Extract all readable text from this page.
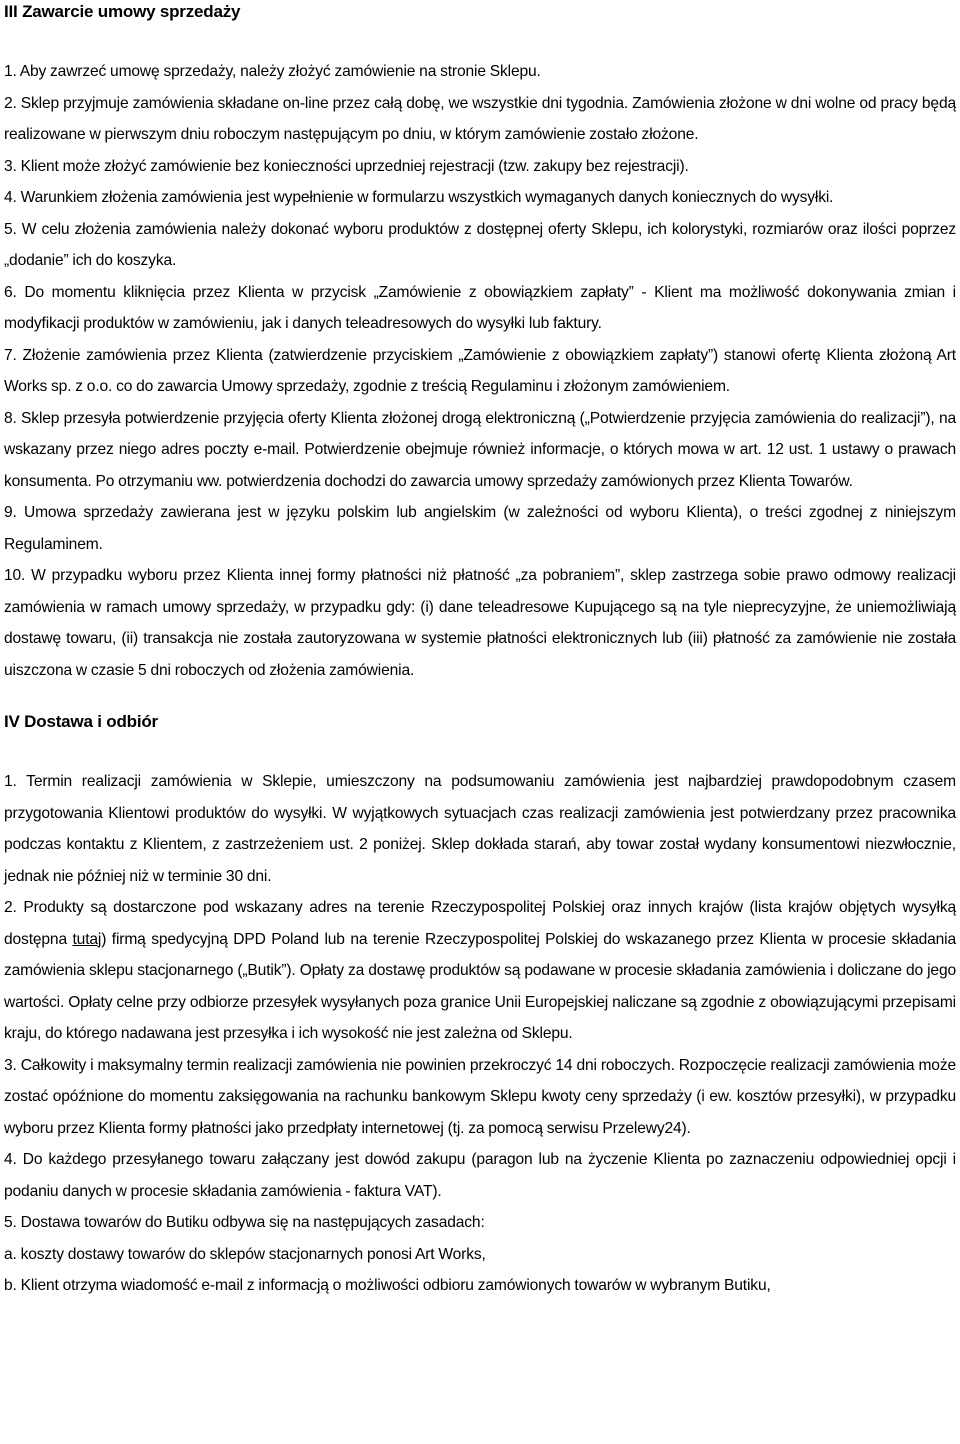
III Zawarcie umowy sprzedaży

1. Aby zawrzeć umowę sprzedaży, należy złożyć zamówienie na stronie Sklepu.

2. Sklep przyjmuje zamówienia składane on-line przez całą dobę, we wszystkie dni tygodnia. Zamówienia złożone w dni wolne od pracy będą realizowane w pierwszym dniu roboczym następującym po dniu, w którym zamówienie zostało złożone.

3. Klient może złożyć zamówienie bez konieczności uprzedniej rejestracji (tzw. zakupy bez rejestracji).

4. Warunkiem złożenia zamówienia jest wypełnienie w formularzu wszystkich wymaganych danych koniecznych do wysyłki.

5. W celu złożenia zamówienia należy dokonać wyboru produktów z dostępnej oferty Sklepu, ich kolorystyki, rozmiarów oraz ilości poprzez „dodanie” ich do koszyka.

6. Do momentu kliknięcia przez Klienta w przycisk „Zamówienie z obowiązkiem zapłaty” - Klient ma możliwość dokonywania zmian i modyfikacji produktów w zamówieniu, jak i danych teleadresowych do wysyłki lub faktury.

7. Złożenie zamówienia przez Klienta (zatwierdzenie przyciskiem „Zamówienie z obowiązkiem zapłaty”) stanowi ofertę Klienta złożoną Art Works sp. z o.o. co do zawarcia Umowy sprzedaży, zgodnie z treścią Regulaminu i złożonym zamówieniem.

8. Sklep przesyła potwierdzenie przyjęcia oferty Klienta złożonej drogą elektroniczną („Potwierdzenie przyjęcia zamówienia do realizacji”), na wskazany przez niego adres poczty e-mail. Potwierdzenie obejmuje również informacje, o których mowa w art. 12 ust. 1 ustawy o prawach konsumenta. Po otrzymaniu ww. potwierdzenia dochodzi do zawarcia umowy sprzedaży zamówionych przez Klienta Towarów.

9. Umowa sprzedaży zawierana jest w języku polskim lub angielskim (w zależności od wyboru Klienta), o treści zgodnej z niniejszym Regulaminem.

10. W przypadku wyboru przez Klienta innej formy płatności niż płatność „za pobraniem”, sklep zastrzega sobie prawo odmowy realizacji zamówienia w ramach umowy sprzedaży, w przypadku gdy: (i) dane teleadresowe Kupującego są na tyle nieprecyzyjne, że uniemożliwiają dostawę towaru, (ii) transakcja nie została zautoryzowana w systemie płatności elektronicznych lub (iii) płatność za zamówienie nie została uiszczona w czasie 5 dni roboczych od złożenia zamówienia.

IV Dostawa i odbiór

1. Termin realizacji zamówienia w Sklepie, umieszczony na podsumowaniu zamówienia jest najbardziej prawdopodobnym czasem przygotowania Klientowi produktów do wysyłki. W wyjątkowych sytuacjach czas realizacji zamówienia jest potwierdzany przez pracownika podczas kontaktu z Klientem, z zastrzeżeniem ust. 2 poniżej. Sklep dokłada starań, aby towar został wydany konsumentowi niezwłocznie, jednak nie później niż w terminie 30 dni.

2. Produkty są dostarczone pod wskazany adres na terenie Rzeczypospolitej Polskiej oraz innych krajów (lista krajów objętych wysyłką dostępna tutaj) firmą spedycyjną DPD Poland lub na terenie Rzeczypospolitej Polskiej do wskazanego przez Klienta w procesie składania zamówienia sklepu stacjonarnego („Butik”). Opłaty za dostawę produktów są podawane w procesie składania zamówienia i doliczane do jego wartości. Opłaty celne przy odbiorze przesyłek wysyłanych poza granice Unii Europejskiej naliczane są zgodnie z obowiązującymi przepisami kraju, do którego nadawana jest przesyłka i ich wysokość nie jest zależna od Sklepu.

3. Całkowity i maksymalny termin realizacji zamówienia nie powinien przekroczyć 14 dni roboczych. Rozpoczęcie realizacji zamówienia może zostać opóźnione do momentu zaksięgowania na rachunku bankowym Sklepu kwoty ceny sprzedaży (i ew. kosztów przesyłki), w przypadku wyboru przez Klienta formy płatności jako przedpłaty internetowej (tj. za pomocą serwisu Przelewy24).

4. Do każdego przesyłanego towaru załączany jest dowód zakupu (paragon lub na życzenie Klienta po zaznaczeniu odpowiedniej opcji i podaniu danych w procesie składania zamówienia - faktura VAT).

5. Dostawa towarów do Butiku odbywa się na następujących zasadach:

a. koszty dostawy towarów do sklepów stacjonarnych ponosi Art Works,

b. Klient otrzyma wiadomość e-mail z informacją o możliwości odbioru zamówionych towarów w wybranym Butiku,
